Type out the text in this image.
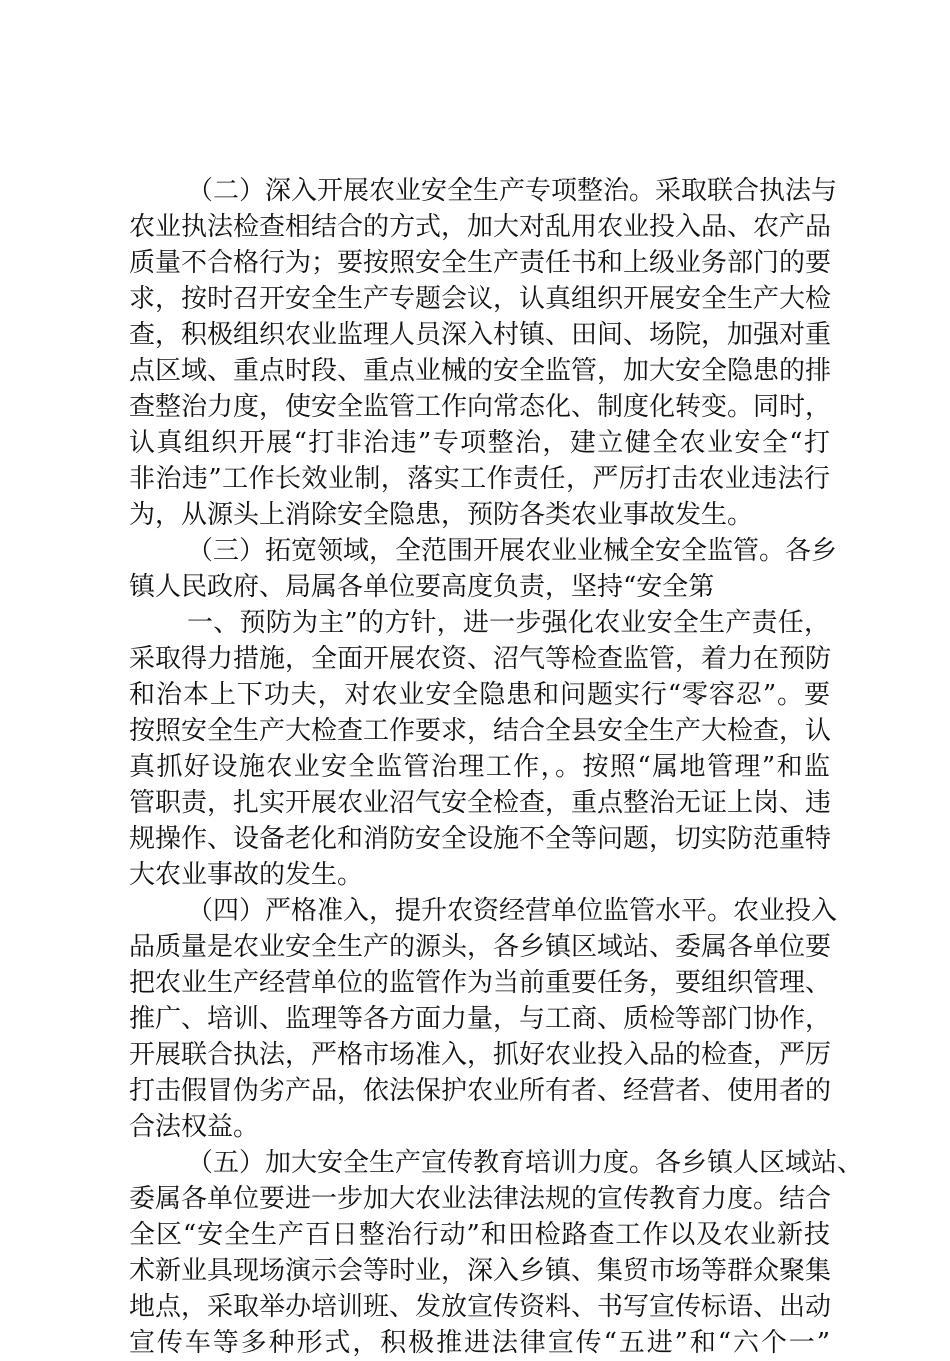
（二）深入开展农业安全生产专项整治。采取联合执法与
农业执法检查相结合的方式，加大对乱用农业投入品、农产品
质量不合格行为；要按照安全生产责任书和上级业务部门的要
求，按时召开安全生产专题会议，认真组织开展安全生产大检
查，积极组织农业监理人员深入村镇、田间、场院，加强对重
点区域、重点时段、重点业械的安全监管，加大安全隐患的排
查整治力度，使安全监管工作向常态化、制度化转变。同时，
认真组织开展“打非治违”专项整治，建立健全农业安全“打
非治违”工作长效业制，落实工作责任，严厉打击农业违法行
为，从源头上消除安全隐患，预防各类农业事故发生。
（三）拓宽领域，全范围开展农业业械全安全监管。各乡
镇人民政府、局属各单位要高度负责，坚持“安全第
一、预防为主”的方针，进一步强化农业安全生产责任，
采取得力措施，全面开展农资、沼气等检查监管，着力在预防
和治本上下功夫，对农业安全隐患和问题实行“零容忍”。要
按照安全生产大检查工作要求，结合全县安全生产大检查，认
真抓好设施农业安全监管治理工作，。按照“属地管理”和监
管职责，扎实开展农业沼气安全检查，重点整治无证上岗、违
规操作、设备老化和消防安全设施不全等问题，切实防范重特
大农业事故的发生。
（四）严格准入，提升农资经营单位监管水平。农业投入
品质量是农业安全生产的源头，各乡镇区域站、委属各单位要
把农业生产经营单位的监管作为当前重要任务，要组织管理、
推广、培训、监理等各方面力量，与工商、质检等部门协作，
开展联合执法，严格市场准入，抓好农业投入品的检查，严厉
打击假冒伪劣产品，依法保护农业所有者、经营者、使用者的
合法权益。
（五）加大安全生产宣传教育培训力度。各乡镇人区域站、
委属各单位要进一步加大农业法律法规的宣传教育力度。结合
全区“安全生产百日整治行动”和田检路查工作以及农业新技
术新业具现场演示会等时业，深入乡镇、集贸市场等群众聚集
地点，采取举办培训班、发放宣传资料、书写宣传标语、出动
宣传车等多种形式，积极推进法律宣传“五进”和“六个一”
